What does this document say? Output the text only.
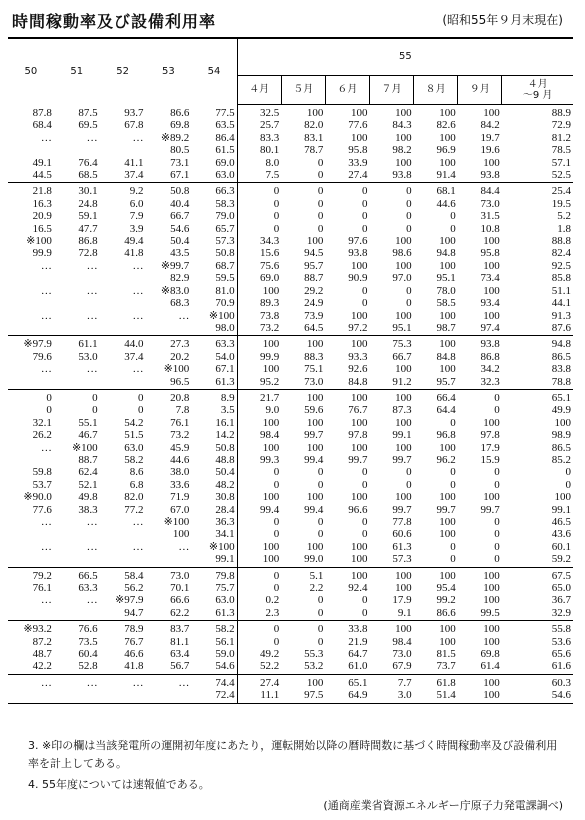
時間稼動率及び設備利用率	(昭和55年９月末現在)
50	51	52	53	54	55						
					４月	５月	６月	７月	８月	９月	４月
～9 月
87.8	87.5	93.7	86.6	77.5	32.5	100	100	100	100	100	88.9
68.4	69.5	67.8	69.8	63.5	25.7	82.0	77.6	84.3	82.6	84.2	72.9
…	…	…	※89.2	86.4	83.3	83.1	100	100	100	19.7	81.2
			80.5	61.5	80.1	78.7	95.8	98.2	96.9	19.6	78.5
49.1	76.4	41.1	73.1	69.0	8.0	0	33.9	100	100	100	57.1
44.5	68.5	37.4	67.1	63.0	7.5	0	27.4	93.8	91.4	93.8	52.5
21.8	30.1	9.2	50.8	66.3	0	0	0	0	68.1	84.4	25.4
16.3	24.8	6.0	40.4	58.3	0	0	0	0	44.6	73.0	19.5
20.9	59.1	7.9	66.7	79.0	0	0	0	0	0	31.5	5.2
16.5	47.7	3.9	54.6	65.7	0	0	0	0	0	10.8	1.8
※100	86.8	49.4	50.4	57.3	34.3	100	97.6	100	100	100	88.8
99.9	72.8	41.8	43.5	50.8	15.6	94.5	93.8	98.6	94.8	95.8	82.4
…	…	…	※99.7	68.7	75.6	95.7	100	100	100	100	92.5
			82.9	59.5	69.0	88.7	90.9	97.0	95.1	73.4	85.8
…	…	…	※83.0	81.0	100	29.2	0	0	78.0	100	51.1
			68.3	70.9	89.3	24.9	0	0	58.5	93.4	44.1
…	…	…	…	※100	73.8	73.9	100	100	100	100	91.3
				98.0	73.2	64.5	97.2	95.1	98.7	97.4	87.6
※97.9	61.1	44.0	27.3	63.3	100	100	100	75.3	100	93.8	94.8
79.6	53.0	37.4	20.2	54.0	99.9	88.3	93.3	66.7	84.8	86.8	86.5
…	…	…	※100	67.1	100	75.1	92.6	100	100	34.2	83.8
			96.5	61.3	95.2	73.0	84.8	91.2	95.7	32.3	78.8
0	0	0	20.8	8.9	21.7	100	100	100	66.4	0	65.1
0	0	0	7.8	3.5	9.0	59.6	76.7	87.3	64.4	0	49.9
32.1	55.1	54.2	76.1	16.1	100	100	100	100	0	100	100
26.2	46.7	51.5	73.2	14.2	98.4	99.7	97.8	99.1	96.8	97.8	98.9
…	※100	63.0	45.9	50.8	100	100	100	100	100	17.9	86.5
	88.7	58.2	44.6	48.8	99.3	99.4	99.7	99.7	96.2	15.9	85.2
59.8	62.4	8.6	38.0	50.4	0	0	0	0	0	0	0
53.7	52.1	6.8	33.6	48.2	0	0	0	0	0	0	0
※90.0	49.8	82.0	71.9	30.8	100	100	100	100	100	100	100
77.6	38.3	77.2	67.0	28.4	99.4	99.4	96.6	99.7	99.7	99.7	99.1
…	…	…	※100	36.3	0	0	0	77.8	100	0	46.5
			100	34.1	0	0	0	60.6	100	0	43.6
…	…	…	…	※100	100	100	100	61.3	0	0	60.1
				99.1	100	99.0	100	57.3	0	0	59.2
79.2	66.5	58.4	73.0	79.8	0	5.1	100	100	100	100	67.5
76.1	63.3	56.2	70.1	75.7	0	2.2	92.4	100	95.4	100	65.0
…	…	※97.9	66.6	63.0	0.2	0	0	17.9	99.2	100	36.7
		94.7	62.2	61.3	2.3	0	0	9.1	86.6	99.5	32.9
※93.2	76.6	78.9	83.7	58.2	0	0	33.8	100	100	100	55.8
87.2	73.5	76.7	81.1	56.1	0	0	21.9	98.4	100	100	53.6
48.7	60.4	46.6	63.4	59.0	49.2	55.3	64.7	73.0	81.5	69.8	65.6
42.2	52.8	41.8	56.7	54.6	52.2	53.2	61.0	67.9	73.7	61.4	61.6
…	…	…	…	74.4	27.4	100	65.1	7.7	61.8	100	60.3
				72.4	11.1	97.5	64.9	3.0	51.4	100	54.6
3. ※印の欄は当該発電所の運開初年度にあたり，運転開始以降の暦時間数に基づく時間稼動率及び設備利用率を計上してある。
4. 55年度については速報値である。
(通商産業省資源エネルギー庁原子力発電課調べ)
